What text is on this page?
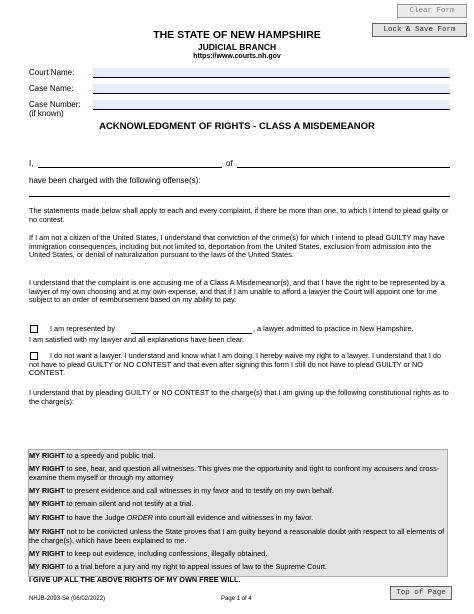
Clear Form
Lock & Save Form
THE STATE OF NEW HAMPSHIRE
JUDICIAL BRANCH
https://www.courts.nh.gov
Court Name:
Case Name:
Case Number:
(if known)
ACKNOWLEDGMENT OF RIGHTS - CLASS A MISDEMEANOR
I,	of
have been charged with the following offense(s):
The statements made below shall apply to each and every complaint, if there be more than one, to which I intend to plead guilty or no contest.
If I am not a citizen of the United States, I understand that conviction of the crime(s) for which I intend to plead GUILTY may have immigration consequences, including but not limited to, deportation from the United States, exclusion from admission into the United States, or denial of naturalization pursuant to the laws of the United States.
I understand that the complaint is one accusing me of a Class A Misdemeanor(s), and that I have the right to be represented by a lawyer of my own choosing and at my own expense, and that if I am unable to afford a lawyer the Court will appoint one for me subject to an order of reimbursement based on my ability to pay.
I am represented by	, a lawyer admitted to practice in New Hampshire.
I am satisfied with my lawyer and all explanations have been clear.
I do not want a lawyer. I understand and know what I am doing. I hereby waive my right to a lawyer. I understand that I do not have to plead GUILTY or NO CONTEST and that even after signing this form I still do not have to plead GUILTY or NO CONTEST.
I understand that by pleading GUILTY or NO CONTEST to the charge(s) that I am giving up the following constitutional rights as to the charge(s):
MY RIGHT to a speedy and public trial.
MY RIGHT to see, hear, and question all witnesses. This gives me the opportunity and right to confront my accusers and cross-examine them myself or through my attorney
MY RIGHT to present evidence and call witnesses in my favor and to testify on my own behalf.
MY RIGHT to remain silent and not testify at a trial.
MY RIGHT to have the Judge ORDER into court all evidence and witnesses in my favor.
MY RIGHT not to be convicted unless the State proves that I am guilty beyond a reasonable doubt with respect to all elements of the charge(s), which have been explained to me.
MY RIGHT to keep out evidence, including confessions, illegally obtained.
MY RIGHT to a trial before a jury and my right to appeal issues of law to the Supreme Court.
I GIVE UP ALL THE ABOVE RIGHTS OF MY OWN FREE WILL.
NHJB-2093-Se (06/02/2022)	Page 1 of 4
Top of Page
